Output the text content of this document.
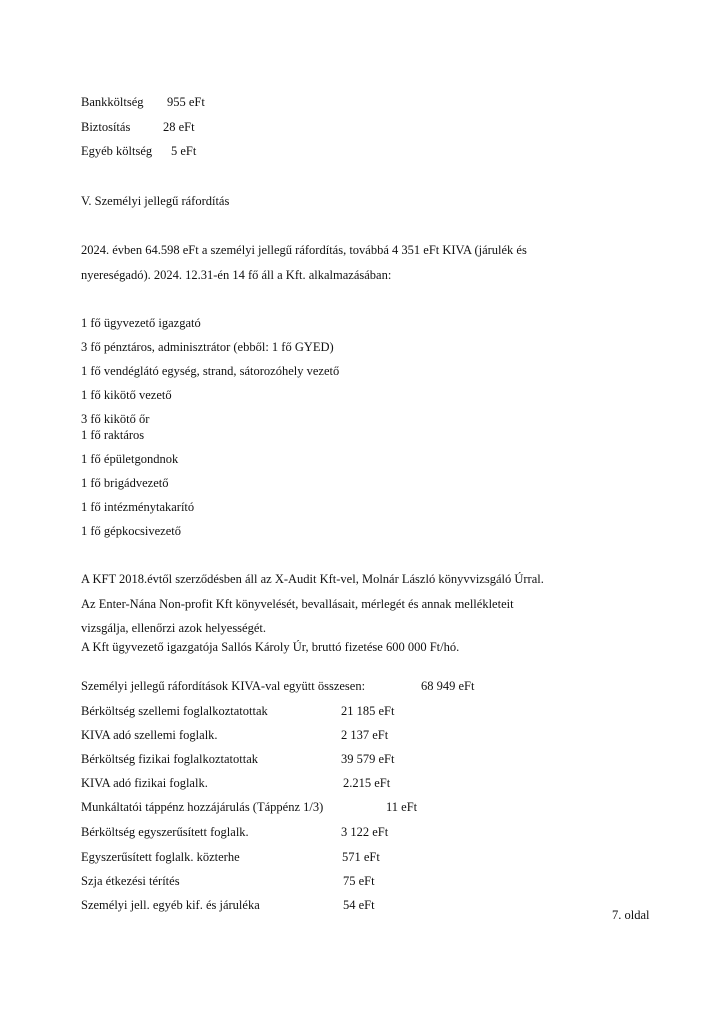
Bankköltség 955 eFt
Biztosítás	28 eFt
Egyéb költség 5 eFt
V. Személyi jellegű ráfordítás
2024. évben 64.598 eFt a személyi jellegű ráfordítás, továbbá 4 351 eFt KIVA (járulék és
nyereségadó). 2024. 12.31-én 14 fő áll a Kft. alkalmazásában:
1 fő ügyvezető igazgató
3 fő pénztáros, adminisztrátor (ebből: 1 fő GYED)
1 fő vendéglátó egység, strand, sátorozóhely vezető
1 fő kikötő vezető
3 fő kikötő őr
1 fő raktáros
1 fő épületgondnok
1 fő brigádvezető
1 fő intézménytakarító
1 fő gépkocsivezető
A KFT 2018.évtől szerződésben áll az X-Audit Kft-vel, Molnár László könyvvizsgáló Úrral.
Az Enter-Nána Non-profit Kft könyvelését, bevallásait, mérlegét és annak mellékleteit
vizsgálja, ellenőrzi azok helyességét.
A Kft ügyvezető igazgatója Sallós Károly Úr, bruttó fizetése 600 000 Ft/hó.
Személyi jellegű ráfordítások KIVA-val együtt összesen:	68 949 eFt
Bérköltség szellemi foglalkoztatottak	21 185 eFt
KIVA adó szellemi foglalk.	2 137 eFt
Bérköltség fizikai foglalkoztatottak	39 579 eFt
KIVA adó fizikai foglalk.	2.215 eFt
Munkáltatói táppénz hozzájárulás (Táppénz 1/3)	11 eFt
Bérköltség egyszerűsített foglalk.	3 122 eFt
Egyszerűsített foglalk. közterhe	571 eFt
Szja étkezési térítés	75 eFt
Személyi jell. egyéb kif. és járuléka	54 eFt
7. oldal
